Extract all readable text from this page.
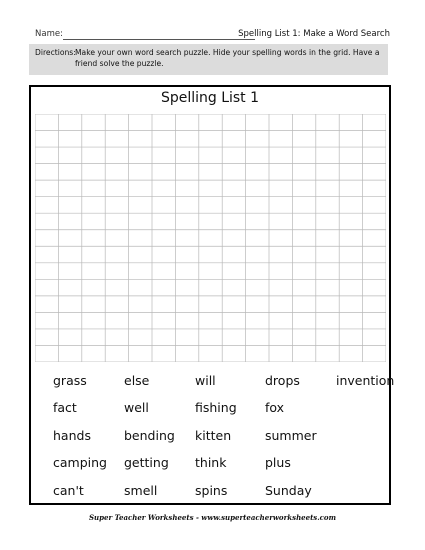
Name:	Spelling List 1: Make a Word Search
Directions: Make your own word search puzzle. Hide your spelling words in the grid. Have a friend solve the puzzle.
Spelling List 1
grass
fact
hands
camping
can't
else
well
bending
getting
smell
will
fishing
kitten
think
spins
drops
fox
summer
plus
Sunday
invention
Super Teacher Worksheets - www.superteacherworksheets.com
